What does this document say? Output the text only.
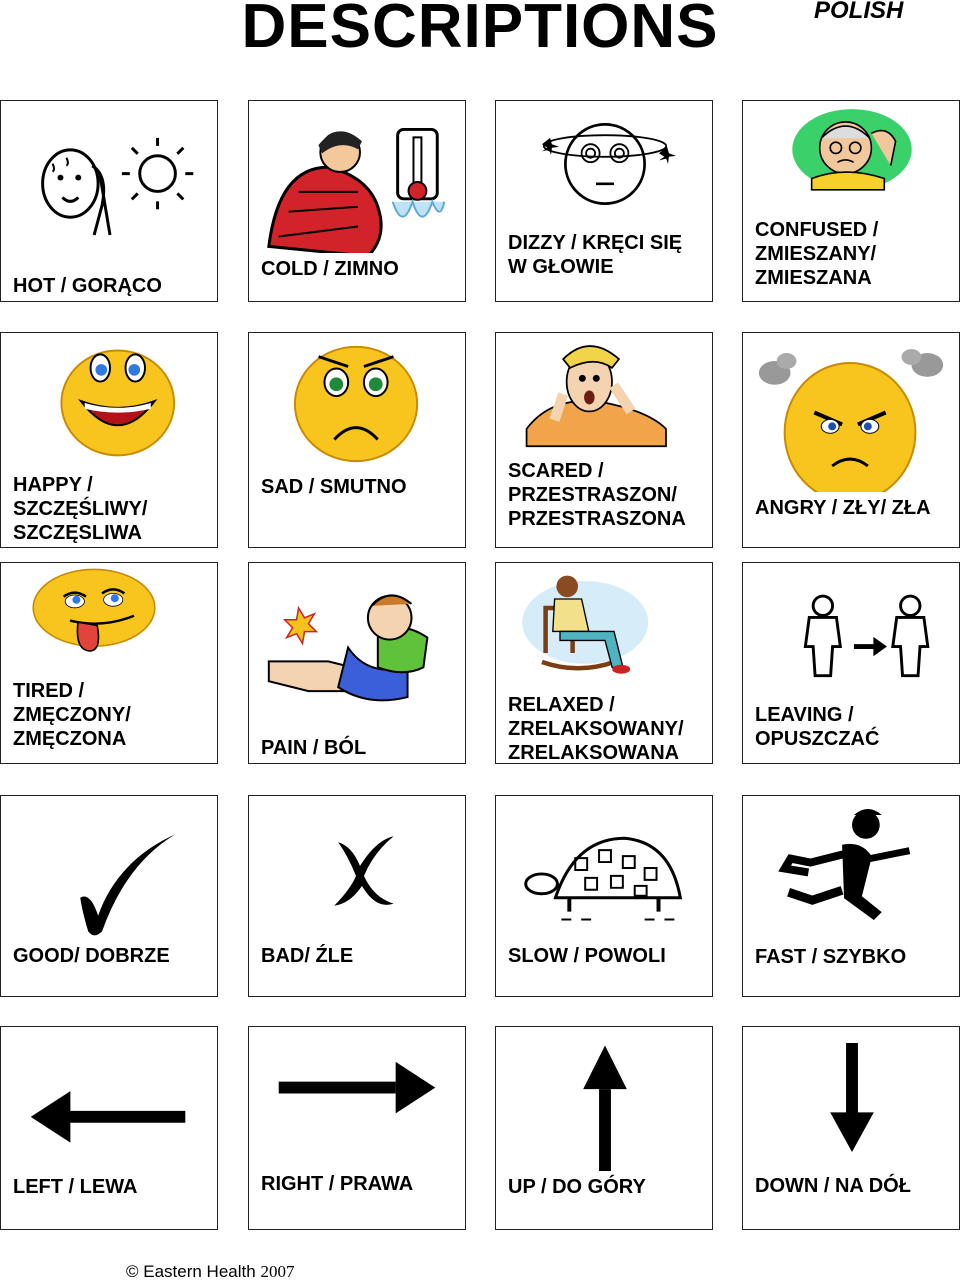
DESCRIPTIONS	POLISH
HOT / GORĄCO
COLD / ZIMNO
DIZZY / KRĘCI SIĘ
W GŁOWIE
CONFUSED /
ZMIESZANY/
ZMIESZANA
HAPPY /
SZCZĘŚLIWY/
SZCZĘSLIWA
SAD / SMUTNO
SCARED /
PRZESTRASZON/
PRZESTRASZONA	ANGRY / ZŁY/ ZŁA
TIRED /
ZMĘCZONY/
ZMĘCZONA	PAIN / BÓL
RELAXED /
ZRELAKSOWANY/
ZRELAKSOWANA
LEAVING /
OPUSZCZAĆ
GOOD/ DOBRZE	BAD/ ŹLE	SLOW / POWOLI	FAST / SZYBKO
LEFT / LEWA	RIGHT / PRAWA	UP / DO GÓRY	DOWN / NA DÓŁ
© Eastern Health 2007
